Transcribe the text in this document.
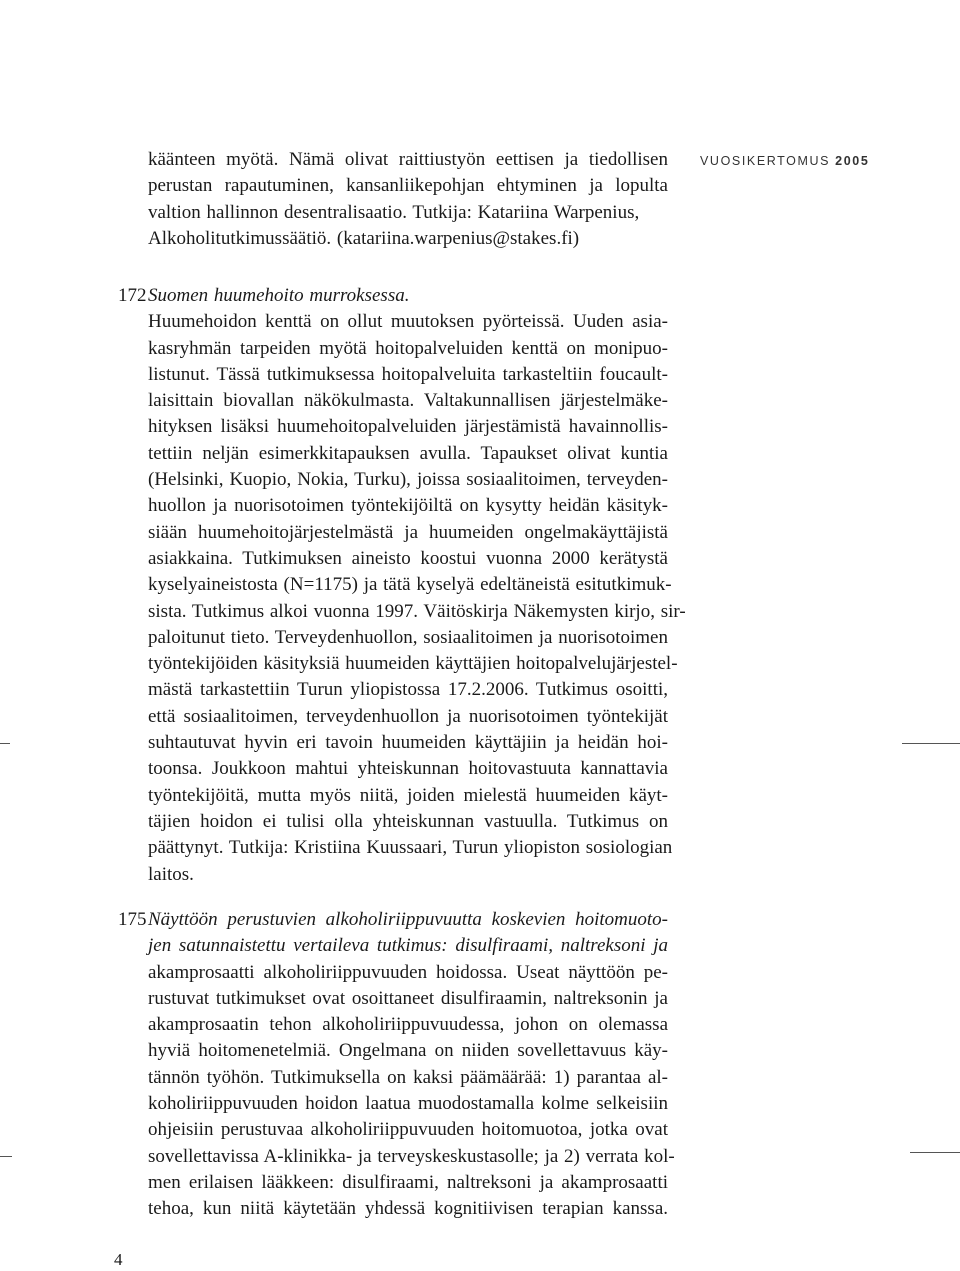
VUOSIKERTOMUS 2005
kääntеen myötä. Nämä olivat raittiustyön eettisen ja tiedollisen
perustan rapautuminen, kansanliikepohjan ehtyminen ja lopulta
valtion hallinnon desentralisaatio. Tutkija: Katariina Warpenius,
Alkoholitutkimussäätiö. (katariina.warpenius@stakes.fi)
172 Suomen huumehoito murroksessa.
Huumehoidon kenttä on ollut muutoksen pyörteissä. Uuden asia-
kasryhmän tarpeiden myötä hoitopalveluiden kenttä on monipuo-
listunut. Tässä tutkimuksessa hoitopalveluita tarkasteltiin foucault-
laisittain biovallan näkökulmasta. Valtakunnallisen järjestelmäke-
hityksen lisäksi huumehoitopalveluiden järjestämistä havainnollis-
tettiin neljän esimerkkitapauksen avulla. Tapaukset olivat kuntia
(Helsinki, Kuopio, Nokia, Turku), joissa sosiaalitoimen, terveyden-
huollon ja nuorisotoimen työntekijöiltä on kysytty heidän käsityk-
siään huumehoitojärjestelmästä ja huumeiden ongelmakäyttäjistä
asiakkaina. Tutkimuksen aineisto koostui vuonna 2000 kerätystä
kyselyaineistosta (N=1175) ja tätä kyselyä edeltäneistä esitutkimuk-
sista. Tutkimus alkoi vuonna 1997. Väitöskirja Näkemysten kirjo, sir-
paloitunut tieto. Terveydenhuollon, sosiaalitoimen ja nuorisotoimen
työntekijöiden käsityksiä huumeiden käyttäjien hoitopalvelujärjestel-
mästä tarkastettiin Turun yliopistossa 17.2.2006. Tutkimus osoitti,
että sosiaalitoimen, terveydenhuollon ja nuorisotoimen työntekijät
suhtautuvat hyvin eri tavoin huumeiden käyttäjiin ja heidän hoi-
toonsa. Joukkoon mahtui yhteiskunnan hoitovastuuta kannattavia
työntekijöitä, mutta myös niitä, joiden mielestä huumeiden käyt-
täjien hoidon ei tulisi olla yhteiskunnan vastuulla. Tutkimus on
päättynyt. Tutkija: Kristiina Kuussaari, Turun yliopiston sosiologian
laitos.
175 Näyttöön perustuvien alkoholiriippuvuutta koskevien hoitomuoto-
jen satunnaistettu vertaileva tutkimus: disulfiraami, naltreksoni ja
akamprosaatti alkoholiriippuvuuden hoidossa. Useat näyttöön pe-
rustuvat tutkimukset ovat osoittaneet disulfiraamin, naltreksonin ja
akamprosaatin tehon alkoholiriippuvuudessa, johon on olemassa
hyviä hoitomenetelmiä. Ongelmana on niiden sovellettavuus käy-
tännön työhön. Tutkimuksella on kaksi päämäärää: 1) parantaa al-
koholiriippuvuuden hoidon laatua muodostamalla kolme selkeisiin
ohjeisiin perustuvaa alkoholiriippuvuuden hoitomuotoa, jotka ovat
sovellettavissa A-klinikka- ja terveyskeskustasolle; ja 2) verrata kol-
men erilaisen lääkkeen: disulfiraami, naltreksoni ja akamprosaatti
tehoa, kun niitä käytetään yhdessä kognitiivisen terapian kanssa.
4
